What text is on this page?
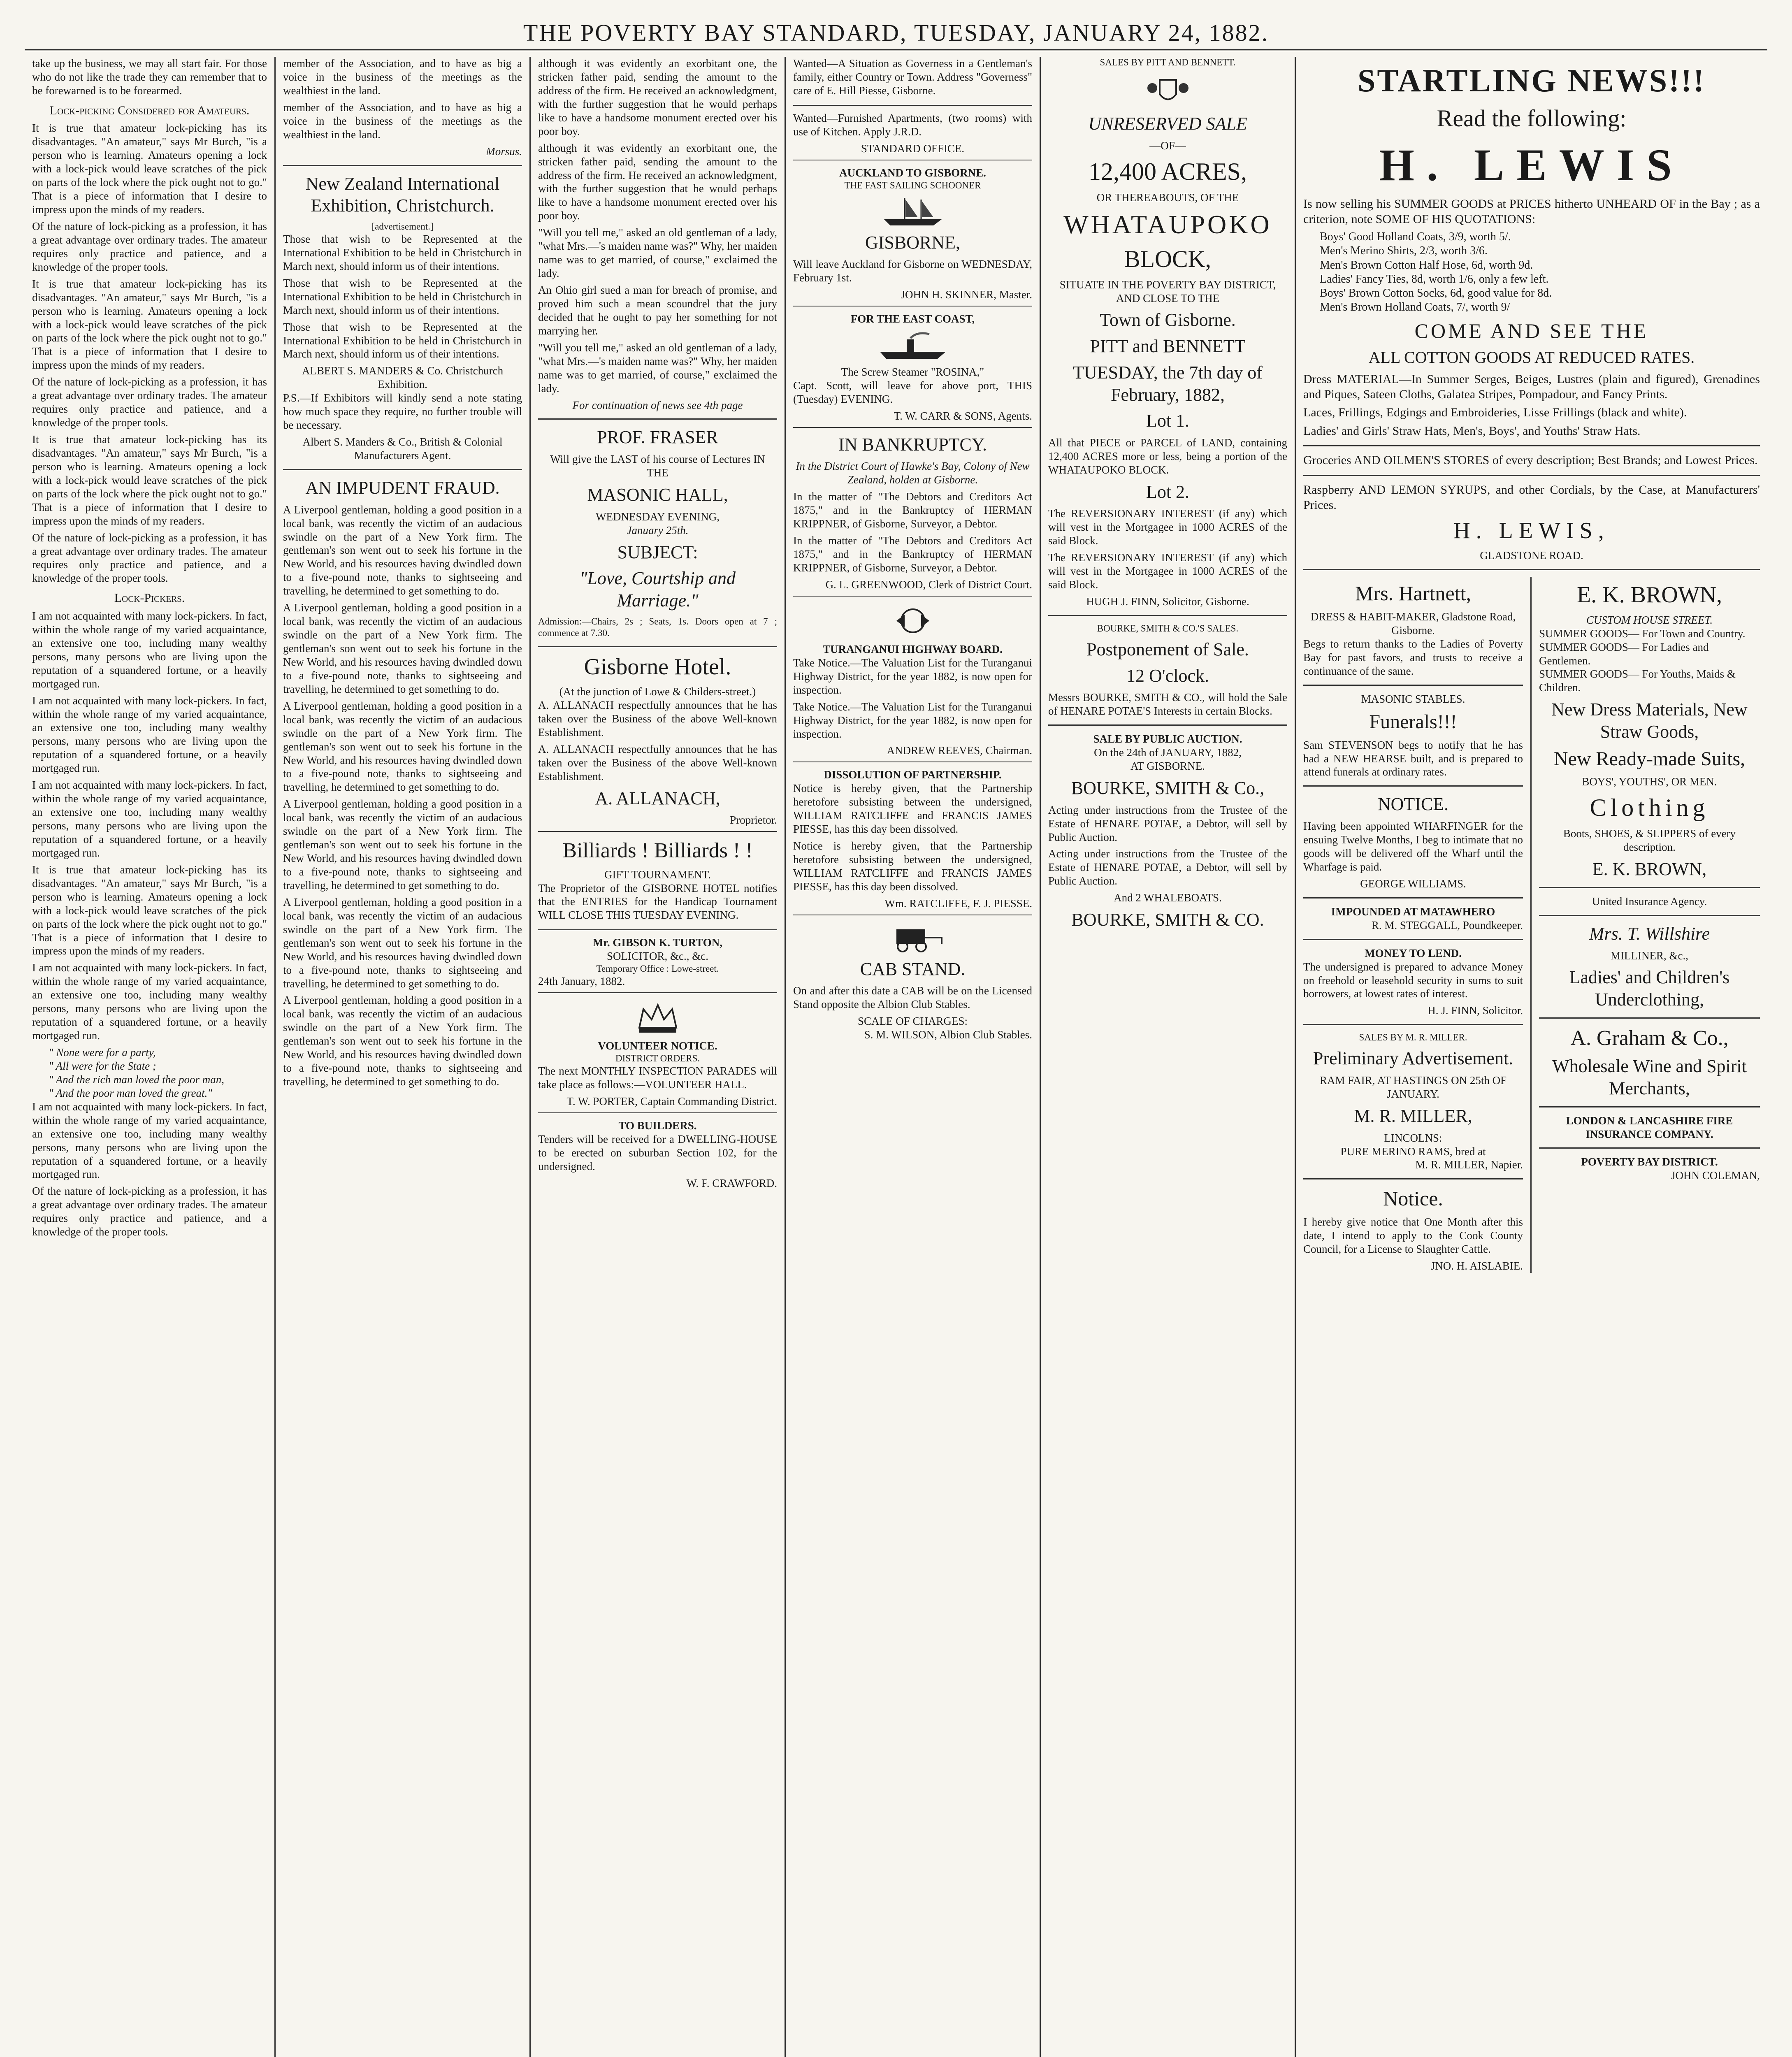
THE POVERTY BAY STANDARD, TUESDAY, JANUARY 24, 1882.

take up the business, we may all start fair. For those who do not like the trade they can remember that to be forewarned is to be forearmed.

Lock-picking Considered for Amateurs.

It is true that amateur lock-picking has its disadvantages. "An amateur," says Mr Burch, "is a person who is learning. Amateurs opening a lock with a lock-pick would leave scratches of the pick on parts of the lock where the pick ought not to go." That is a piece of information that I desire to impress upon the minds of my readers.

Of the nature of lock-picking as a profession, it has a great advantage over ordinary trades. The amateur requires only practice and patience, and a knowledge of the proper tools.

It is true that amateur lock-picking has its disadvantages. "An amateur," says Mr Burch, "is a person who is learning. Amateurs opening a lock with a lock-pick would leave scratches of the pick on parts of the lock where the pick ought not to go." That is a piece of information that I desire to impress upon the minds of my readers.

Of the nature of lock-picking as a profession, it has a great advantage over ordinary trades. The amateur requires only practice and patience, and a knowledge of the proper tools.

It is true that amateur lock-picking has its disadvantages. "An amateur," says Mr Burch, "is a person who is learning. Amateurs opening a lock with a lock-pick would leave scratches of the pick on parts of the lock where the pick ought not to go." That is a piece of information that I desire to impress upon the minds of my readers.

Of the nature of lock-picking as a profession, it has a great advantage over ordinary trades. The amateur requires only practice and patience, and a knowledge of the proper tools.

Lock-Pickers.

I am not acquainted with many lock-pickers. In fact, within the whole range of my varied acquaintance, an extensive one too, including many wealthy persons, many persons who are living upon the reputation of a squandered fortune, or a heavily mortgaged run.

I am not acquainted with many lock-pickers. In fact, within the whole range of my varied acquaintance, an extensive one too, including many wealthy persons, many persons who are living upon the reputation of a squandered fortune, or a heavily mortgaged run.

I am not acquainted with many lock-pickers. In fact, within the whole range of my varied acquaintance, an extensive one too, including many wealthy persons, many persons who are living upon the reputation of a squandered fortune, or a heavily mortgaged run.

It is true that amateur lock-picking has its disadvantages. "An amateur," says Mr Burch, "is a person who is learning. Amateurs opening a lock with a lock-pick would leave scratches of the pick on parts of the lock where the pick ought not to go." That is a piece of information that I desire to impress upon the minds of my readers.

I am not acquainted with many lock-pickers. In fact, within the whole range of my varied acquaintance, an extensive one too, including many wealthy persons, many persons who are living upon the reputation of a squandered fortune, or a heavily mortgaged run.

" None were for a party,
" All were for the State ;
" And the rich man loved the poor man,
" And the poor man loved the great."

I am not acquainted with many lock-pickers. In fact, within the whole range of my varied acquaintance, an extensive one too, including many wealthy persons, many persons who are living upon the reputation of a squandered fortune, or a heavily mortgaged run.

Of the nature of lock-picking as a profession, it has a great advantage over ordinary trades. The amateur requires only practice and patience, and a knowledge of the proper tools.

member of the Association, and to have as big a voice in the business of the meetings as the wealthiest in the land.

member of the Association, and to have as big a voice in the business of the meetings as the wealthiest in the land.

Morsus.
New Zealand International Exhibition, Christchurch.
[advertisement.]

Those that wish to be Represented at the International Exhibition to be held in Christchurch in March next, should inform us of their intentions.

Those that wish to be Represented at the International Exhibition to be held in Christchurch in March next, should inform us of their intentions.

Those that wish to be Represented at the International Exhibition to be held in Christchurch in March next, should inform us of their intentions.

ALBERT S. MANDERS & Co. Christchurch Exhibition.

P.S.—If Exhibitors will kindly send a note stating how much space they require, no further trouble will be necessary.

Albert S. Manders & Co., British & Colonial Manufacturers Agent.
AN IMPUDENT FRAUD.

A Liverpool gentleman, holding a good position in a local bank, was recently the victim of an audacious swindle on the part of a New York firm. The gentleman's son went out to seek his fortune in the New World, and his resources having dwindled down to a five-pound note, thanks to sightseeing and travelling, he determined to get something to do.

A Liverpool gentleman, holding a good position in a local bank, was recently the victim of an audacious swindle on the part of a New York firm. The gentleman's son went out to seek his fortune in the New World, and his resources having dwindled down to a five-pound note, thanks to sightseeing and travelling, he determined to get something to do.

A Liverpool gentleman, holding a good position in a local bank, was recently the victim of an audacious swindle on the part of a New York firm. The gentleman's son went out to seek his fortune in the New World, and his resources having dwindled down to a five-pound note, thanks to sightseeing and travelling, he determined to get something to do.

A Liverpool gentleman, holding a good position in a local bank, was recently the victim of an audacious swindle on the part of a New York firm. The gentleman's son went out to seek his fortune in the New World, and his resources having dwindled down to a five-pound note, thanks to sightseeing and travelling, he determined to get something to do.

A Liverpool gentleman, holding a good position in a local bank, was recently the victim of an audacious swindle on the part of a New York firm. The gentleman's son went out to seek his fortune in the New World, and his resources having dwindled down to a five-pound note, thanks to sightseeing and travelling, he determined to get something to do.

A Liverpool gentleman, holding a good position in a local bank, was recently the victim of an audacious swindle on the part of a New York firm. The gentleman's son went out to seek his fortune in the New World, and his resources having dwindled down to a five-pound note, thanks to sightseeing and travelling, he determined to get something to do.

although it was evidently an exorbitant one, the stricken father paid, sending the amount to the address of the firm. He received an acknowledgment, with the further suggestion that he would perhaps like to have a handsome monument erected over his poor boy.

although it was evidently an exorbitant one, the stricken father paid, sending the amount to the address of the firm. He received an acknowledgment, with the further suggestion that he would perhaps like to have a handsome monument erected over his poor boy.

"Will you tell me," asked an old gentleman of a lady, "what Mrs.—'s maiden name was?" Why, her maiden name was to get married, of course," exclaimed the lady.

An Ohio girl sued a man for breach of promise, and proved him such a mean scoundrel that the jury decided that he ought to pay her something for not marrying her.

"Will you tell me," asked an old gentleman of a lady, "what Mrs.—'s maiden name was?" Why, her maiden name was to get married, of course," exclaimed the lady.

For continuation of news see 4th page
PROF. FRASER
Will give the LAST of his course of Lectures IN THE
MASONIC HALL,
WEDNESDAY EVENING,
January 25th.
SUBJECT:
"Love, Courtship and Marriage."

Admission:—Chairs, 2s ; Seats, 1s. Doors open at 7 ; commence at 7.30.

Gisborne Hotel.
(At the junction of Lowe & Childers-street.)

A. ALLANACH respectfully announces that he has taken over the Business of the above Well-known Establishment.

A. ALLANACH respectfully announces that he has taken over the Business of the above Well-known Establishment.

A. ALLANACH,
Proprietor.
Billiards ! Billiards ! !
GIFT TOURNAMENT.

The Proprietor of the GISBORNE HOTEL notifies that the ENTRIES for the Handicap Tournament WILL CLOSE THIS TUESDAY EVENING.

Mr. GIBSON K. TURTON,
SOLICITOR, &c., &c.
Temporary Office : Lowe-street.
24th January, 1882.
VOLUNTEER NOTICE.
DISTRICT ORDERS.

The next MONTHLY INSPECTION PARADES will take place as follows:—VOLUNTEER HALL.

T. W. PORTER, Captain Commanding District.
TO BUILDERS.

Tenders will be received for a DWELLING-HOUSE to be erected on suburban Section 102, for the undersigned.

W. F. CRAWFORD.

Wanted—A Situation as Governess in a Gentleman's family, either Country or Town. Address "Governess" care of E. Hill Piesse, Gisborne.

Wanted—Furnished Apartments, (two rooms) with use of Kitchen. Apply J.R.D.

STANDARD OFFICE.
AUCKLAND TO GISBORNE.
THE FAST SAILING SCHOONER
GISBORNE,

Will leave Auckland for Gisborne on WEDNESDAY, February 1st.

JOHN H. SKINNER, Master.
FOR THE EAST COAST,
The Screw Steamer "ROSINA,"

Capt. Scott, will leave for above port, THIS (Tuesday) EVENING.

T. W. CARR & SONS, Agents.
IN BANKRUPTCY.

In the District Court of Hawke's Bay, Colony of New Zealand, holden at Gisborne.

In the matter of "The Debtors and Creditors Act 1875," and in the Bankruptcy of HERMAN KRIPPNER, of Gisborne, Surveyor, a Debtor.

In the matter of "The Debtors and Creditors Act 1875," and in the Bankruptcy of HERMAN KRIPPNER, of Gisborne, Surveyor, a Debtor.

G. L. GREENWOOD, Clerk of District Court.
TURANGANUI HIGHWAY BOARD.

Take Notice.—The Valuation List for the Turanganui Highway District, for the year 1882, is now open for inspection.

Take Notice.—The Valuation List for the Turanganui Highway District, for the year 1882, is now open for inspection.

ANDREW REEVES, Chairman.
DISSOLUTION OF PARTNERSHIP.

Notice is hereby given, that the Partnership heretofore subsisting between the undersigned, WILLIAM RATCLIFFE and FRANCIS JAMES PIESSE, has this day been dissolved.

Notice is hereby given, that the Partnership heretofore subsisting between the undersigned, WILLIAM RATCLIFFE and FRANCIS JAMES PIESSE, has this day been dissolved.

Wm. RATCLIFFE, F. J. PIESSE.
CAB STAND.

On and after this date a CAB will be on the Licensed Stand opposite the Albion Club Stables.

SCALE OF CHARGES:
S. M. WILSON, Albion Club Stables.
SALES BY PITT AND BENNETT.
UNRESERVED SALE
—OF—
12,400 ACRES,
OR THEREABOUTS, OF THE
WHATAUPOKO
BLOCK,
SITUATE IN THE POVERTY BAY DISTRICT, AND CLOSE TO THE
Town of Gisborne.
PITT and BENNETT
TUESDAY, the 7th day of February, 1882,
Lot 1.

All that PIECE or PARCEL of LAND, containing 12,400 ACRES more or less, being a portion of the WHATAUPOKO BLOCK.

Lot 2.

The REVERSIONARY INTEREST (if any) which will vest in the Mortgagee in 1000 ACRES of the said Block.

The REVERSIONARY INTEREST (if any) which will vest in the Mortgagee in 1000 ACRES of the said Block.

HUGH J. FINN, Solicitor, Gisborne.
BOURKE, SMITH & CO.'S SALES.
Postponement of Sale.
12 O'clock.

Messrs BOURKE, SMITH & CO., will hold the Sale of HENARE POTAE'S Interests in certain Blocks.

SALE BY PUBLIC AUCTION.
On the 24th of JANUARY, 1882,
AT GISBORNE.
BOURKE, SMITH & Co.,

Acting under instructions from the Trustee of the Estate of HENARE POTAE, a Debtor, will sell by Public Auction.

Acting under instructions from the Trustee of the Estate of HENARE POTAE, a Debtor, will sell by Public Auction.

And 2 WHALEBOATS.
BOURKE, SMITH & CO.
STARTLING NEWS!!!
Read the following:
H. LEWIS

Is now selling his SUMMER GOODS at PRICES hitherto UNHEARD OF in the Bay ; as a criterion, note SOME OF HIS QUOTATIONS:

Boys' Good Holland Coats, 3/9, worth 5/.
Men's Merino Shirts, 2/3, worth 3/6.
Men's Brown Cotton Half Hose, 6d, worth 9d.
Ladies' Fancy Ties, 8d, worth 1/6, only a few left.
Boys' Brown Cotton Socks, 6d, good value for 8d.
Men's Brown Holland Coats, 7/, worth 9/
COME AND SEE THE
ALL COTTON GOODS AT REDUCED RATES.

Dress MATERIAL—In Summer Serges, Beiges, Lustres (plain and figured), Grenadines and Piques, Sateen Cloths, Galatea Stripes, Pompadour, and Fancy Prints.

Laces, Frillings, Edgings and Embroideries, Lisse Frillings (black and white).

Ladies' and Girls' Straw Hats, Men's, Boys', and Youths' Straw Hats.

Groceries AND OILMEN'S STORES of every description; Best Brands; and Lowest Prices.

Raspberry AND LEMON SYRUPS, and other Cordials, by the Case, at Manufacturers' Prices.

H. LEWIS,
GLADSTONE ROAD.
Mrs. Hartnett,
DRESS & HABIT-MAKER, Gladstone Road, Gisborne.

Begs to return thanks to the Ladies of Poverty Bay for past favors, and trusts to receive a continuance of the same.

MASONIC STABLES.
Funerals!!!

Sam STEVENSON begs to notify that he has had a NEW HEARSE built, and is prepared to attend funerals at ordinary rates.

NOTICE.

Having been appointed WHARFINGER for the ensuing Twelve Months, I beg to intimate that no goods will be delivered off the Wharf until the Wharfage is paid.

GEORGE WILLIAMS.
IMPOUNDED AT MATAWHERO
R. M. STEGGALL, Poundkeeper.
MONEY TO LEND.

The undersigned is prepared to advance Money on freehold or leasehold security in sums to suit borrowers, at lowest rates of interest.

H. J. FINN, Solicitor.
SALES BY M. R. MILLER.
Preliminary Advertisement.
RAM FAIR, AT HASTINGS ON 25th OF JANUARY.
M. R. MILLER,
LINCOLNS:
PURE MERINO RAMS, bred at
M. R. MILLER, Napier.
Notice.

I hereby give notice that One Month after this date, I intend to apply to the Cook County Council, for a License to Slaughter Cattle.

JNO. H. AISLABIE.
E. K. BROWN,
CUSTOM HOUSE STREET.
SUMMER GOODS— For Town and Country.
SUMMER GOODS— For Ladies and Gentlemen.
SUMMER GOODS— For Youths, Maids & Children.
New Dress Materials, New Straw Goods,
New Ready-made Suits,
BOYS', YOUTHS', OR MEN.
Clothing
Boots, SHOES, & SLIPPERS of every description.
E. K. BROWN,
United Insurance Agency.
Mrs. T. Willshire
MILLINER, &c.,
Ladies' and Children's Underclothing,
A. Graham & Co.,
Wholesale Wine and Spirit Merchants,
LONDON & LANCASHIRE FIRE INSURANCE COMPANY.
POVERTY BAY DISTRICT.
JOHN COLEMAN,
